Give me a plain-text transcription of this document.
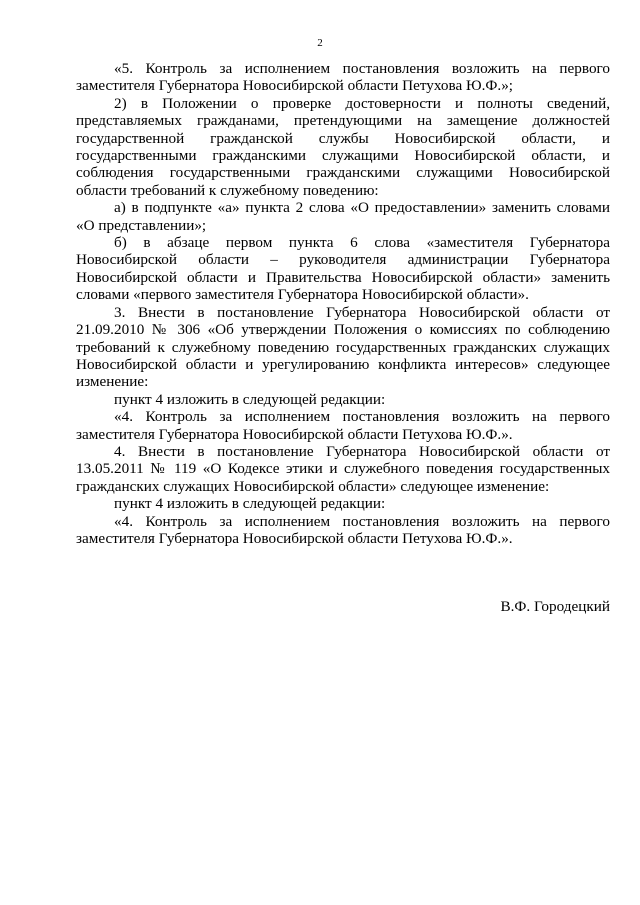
2

«5. Контроль за исполнением постановления возложить на первого заместителя Губернатора Новосибирской области Петухова Ю.Ф.»;

2) в Положении о проверке достоверности и полноты сведений, представляемых гражданами, претендующими на замещение должностей государственной гражданской службы Новосибирской области, и государственными гражданскими служащими Новосибирской области, и соблюдения государственными гражданскими служащими Новосибирской области требований к служебному поведению:

а) в подпункте «а» пункта 2 слова «О предоставлении» заменить словами «О представлении»;

б) в абзаце первом пункта 6 слова «заместителя Губернатора Новосибирской области – руководителя администрации Губернатора Новосибирской области и Правительства Новосибирской области» заменить словами «первого заместителя Губернатора Новосибирской области».

3. Внести в постановление Губернатора Новосибирской области от 21.09.2010 № 306 «Об утверждении Положения о комиссиях по соблюдению требований к служебному поведению государственных гражданских служащих Новосибирской области и урегулированию конфликта интересов» следующее изменение:

пункт 4 изложить в следующей редакции:

«4. Контроль за исполнением постановления возложить на первого заместителя Губернатора Новосибирской области Петухова Ю.Ф.».

4. Внести в постановление Губернатора Новосибирской области от 13.05.2011 № 119 «О Кодексе этики и служебного поведения государственных гражданских служащих Новосибирской области» следующее изменение:

пункт 4 изложить в следующей редакции:

«4. Контроль за исполнением постановления возложить на первого заместителя Губернатора Новосибирской области Петухова Ю.Ф.».

В.Ф. Городецкий
